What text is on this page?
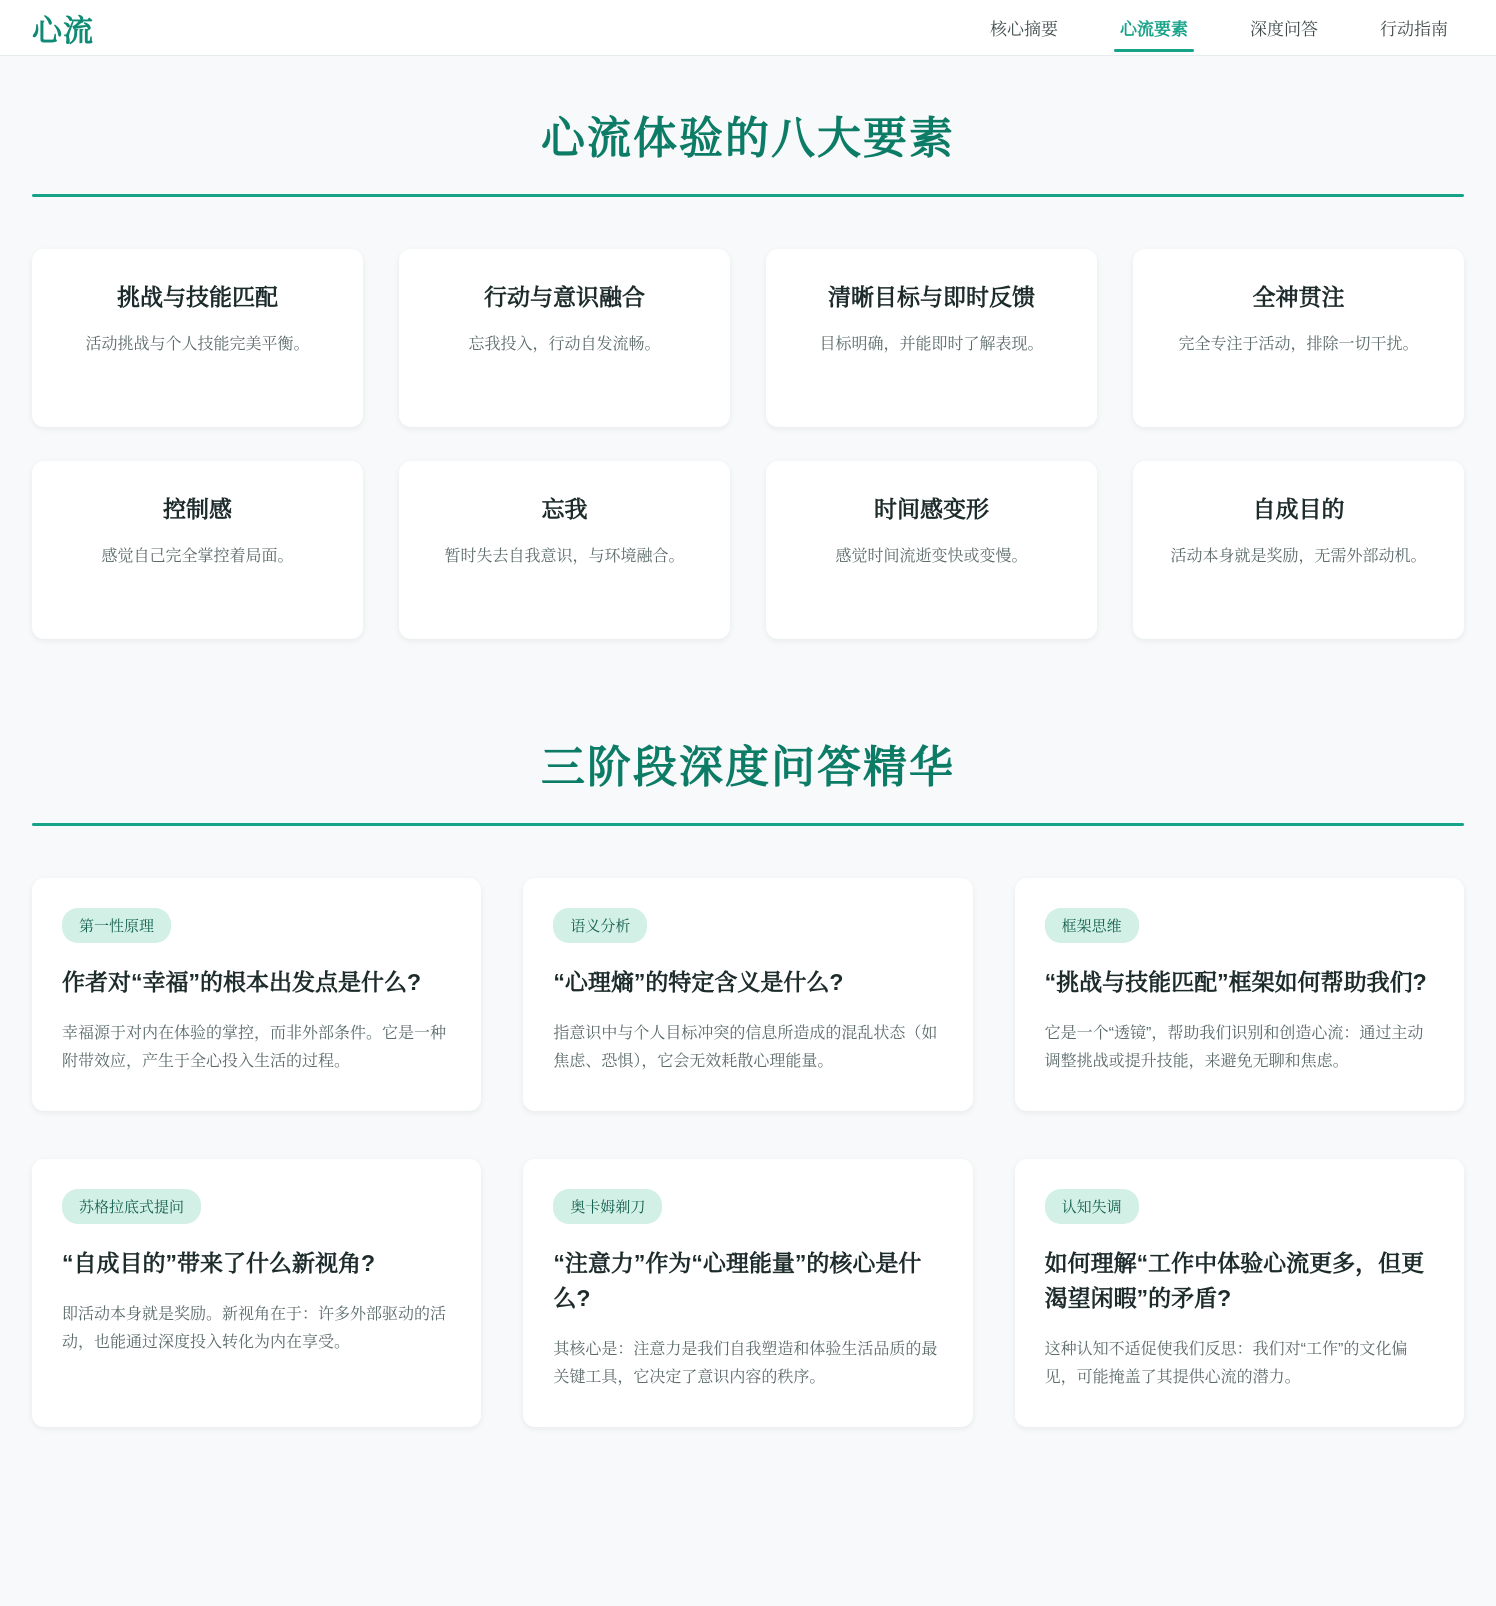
心流	核心摘要	心流要素	深度问答	行动指南
心流体验的八大要素
挑战与技能匹配
活动挑战与个人技能完美平衡。
行动与意识融合
忘我投入，行动自发流畅。
清晰目标与即时反馈
目标明确，并能即时了解表现。
全神贯注
完全专注于活动，排除一切干扰。
控制感
感觉自己完全掌控着局面。
忘我
暂时失去自我意识，与环境融合。
时间感变形
感觉时间流逝变快或变慢。
自成目的
活动本身就是奖励，无需外部动机。
三阶段深度问答精华
第一性原理
作者对“幸福”的根本出发点是什么?
幸福源于对内在体验的掌控，而非外部条件。它是一种附带效应，产生于全心投入生活的过程。
语义分析
“心理熵”的特定含义是什么?
指意识中与个人目标冲突的信息所造成的混乱状态（如焦虑、恐惧），它会无效耗散心理能量。
框架思维
“挑战与技能匹配”框架如何帮助我们?
它是一个“透镜”，帮助我们识别和创造心流：通过主动调整挑战或提升技能，来避免无聊和焦虑。
苏格拉底式提问
“自成目的”带来了什么新视角?
即活动本身就是奖励。新视角在于：许多外部驱动的活动，也能通过深度投入转化为内在享受。
奥卡姆剃刀
“注意力”作为“心理能量”的核心是什么?
其核心是：注意力是我们自我塑造和体验生活品质的最关键工具，它决定了意识内容的秩序。
认知失调
如何理解“工作中体验心流更多，但更渴望闲暇”的矛盾?
这种认知不适促使我们反思：我们对“工作”的文化偏见，可能掩盖了其提供心流的潜力。
